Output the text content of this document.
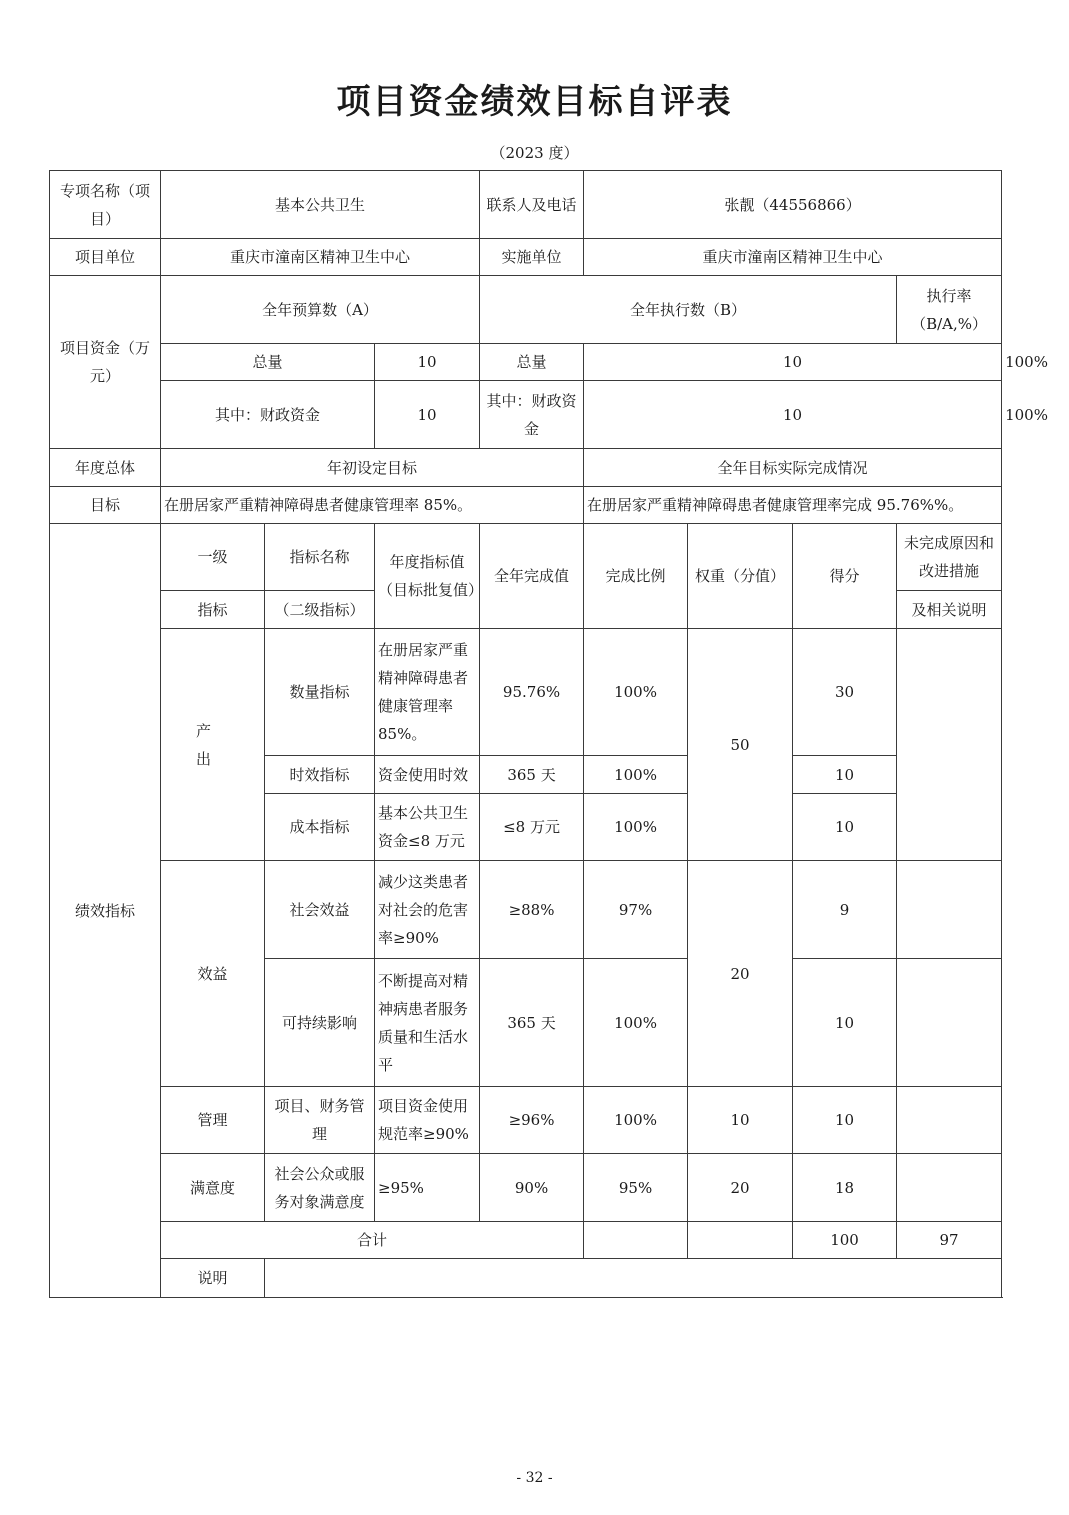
项目资金绩效目标自评表
（2023 度）
专项名称（项目）	基本公共卫生			联系人及电话	张靓（44556866）				
项目单位	重庆市潼南区精神卫生中心			实施单位	重庆市潼南区精神卫生中心				
项目资金（万元）	全年预算数（A）			全年执行数（B）				执行率（B/A,%）	
	总量		10	总量	10				100%
	其中：财政资金		10	其中：财政资金	10				100%
年度总体	年初设定目标				全年目标实际完成情况				
目标	在册居家严重精神障碍患者健康管理率 85%。				在册居家严重精神障碍患者健康管理率完成 95.76%%。				
绩效指标	一级	指标名称	年度指标值（目标批复值）	全年完成值	完成比例	权重（分值）	得分	未完成原因和改进措施	
	指标	（二级指标）						及相关说明	
	产　出	数量指标	在册居家严重精神障碍患者健康管理率85%。	95.76%	100%	50	30		
		时效指标	资金使用时效	365 天	100%		10		
		成本指标	基本公共卫生资金≤8 万元	≤8 万元	100%		10		
	效益	社会效益	减少这类患者对社会的危害率≥90%	≥88%	97%	20	9		
		可持续影响	不断提高对精神病患者服务质量和生活水平	365 天	100%		10		
	管理	项目、财务管理	项目资金使用规范率≥90%	≥96%	100%	10	10		
	满意度	社会公众或服务对象满意度	≥95%	90%	95%	20	18		
	合计						100	97	
	说明								
- 32 -
